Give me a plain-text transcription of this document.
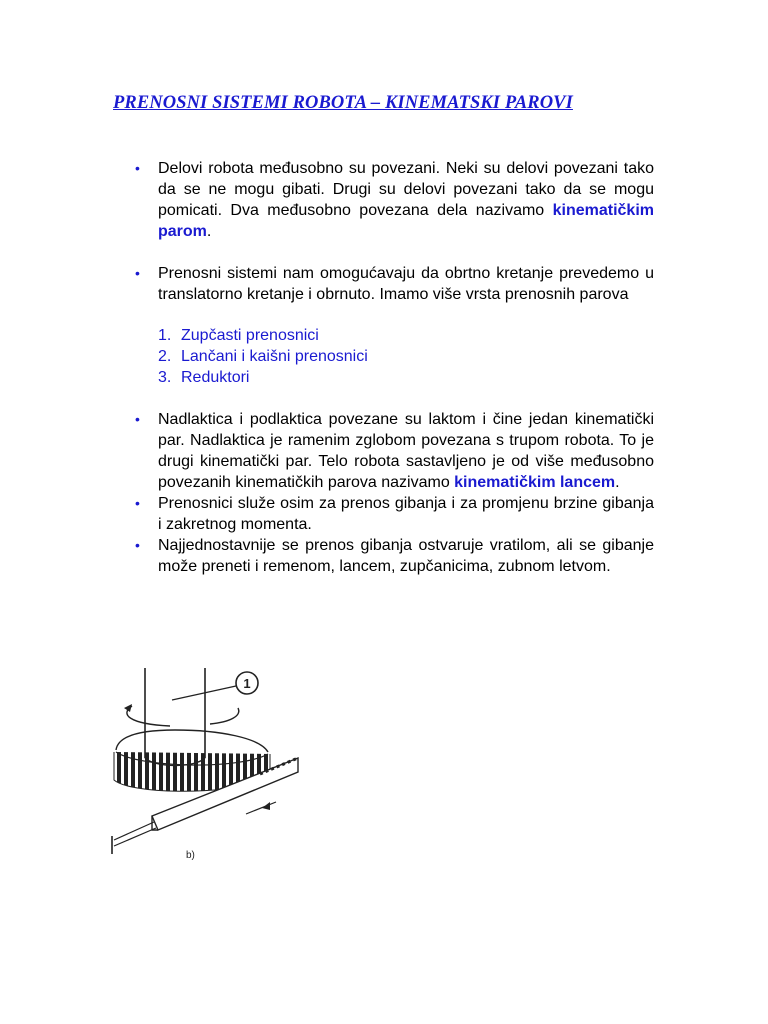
PRENOSNI SISTEMI ROBOTA – KINEMATSKI PAROVI
• Delovi robota međusobno su povezani. Neki su delovi povezani tako da se ne mogu gibati. Drugi su delovi povezani tako da se mogu pomicati. Dva međusobno povezana dela nazivamo kinematičkim parom.
• Prenosni sistemi nam omogućavaju da obrtno kretanje prevedemo u translatorno kretanje i obrnuto. Imamo više vrsta prenosnih parova
1. Zupčasti prenosnici
2. Lančani i kaišni prenosnici
3. Reduktori
• Nadlaktica i podlaktica povezane su laktom i čine jedan kinematički par. Nadlaktica je ramenim zglobom povezana s trupom robota. To je drugi kinematički par. Telo robota sastavljeno je od više međusobno povezanih kinematičkih parova nazivamo kinematičkim lancem.
• Prenosnici služe osim za prenos gibanja i za promjenu brzine gibanja i zakretnog momenta.
• Najjednostavnije se prenos gibanja ostvaruje vratilom, ali se gibanje može preneti i remenom, lancem, zupčanicima, zubnom letvom.
1
b)
